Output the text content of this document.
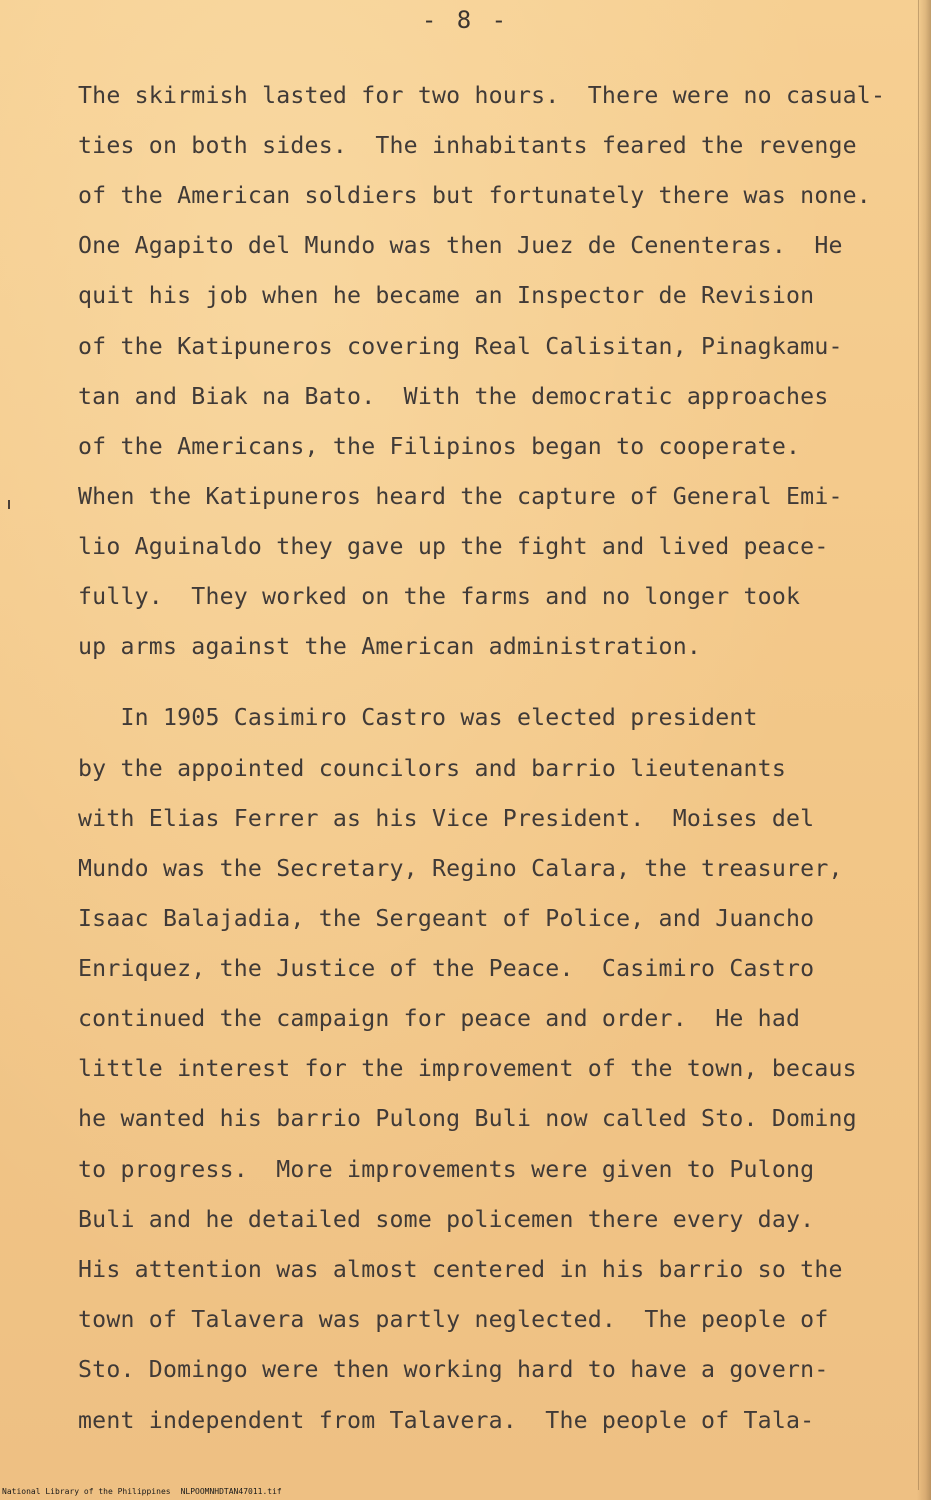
- 8 -
The skirmish lasted for two hours.  There were no casual-
ties on both sides.  The inhabitants feared the revenge
of the American soldiers but fortunately there was none.
One Agapito del Mundo was then Juez de Cenenteras.  He
quit his job when he became an Inspector de Revision
of the Katipuneros covering Real Calisitan, Pinagkamu-
tan and Biak na Bato.  With the democratic approaches
of the Americans, the Filipinos began to cooperate.
When the Katipuneros heard the capture of General Emi-
lio Aguinaldo they gave up the fight and lived peace-
fully.  They worked on the farms and no longer took
up arms against the American administration.
In 1905 Casimiro Castro was elected president
by the appointed councilors and barrio lieutenants
with Elias Ferrer as his Vice President.  Moises del
Mundo was the Secretary, Regino Calara, the treasurer,
Isaac Balajadia, the Sergeant of Police, and Juancho
Enriquez, the Justice of the Peace.  Casimiro Castro
continued the campaign for peace and order.  He had
little interest for the improvement of the town, becaus
he wanted his barrio Pulong Buli now called Sto. Doming
to progress.  More improvements were given to Pulong
Buli and he detailed some policemen there every day.
His attention was almost centered in his barrio so the
town of Talavera was partly neglected.  The people of
Sto. Domingo were then working hard to have a govern-
ment independent from Talavera.  The people of Tala-
National Library of the Philippines NLPOOMNHDTAN47011.tif
